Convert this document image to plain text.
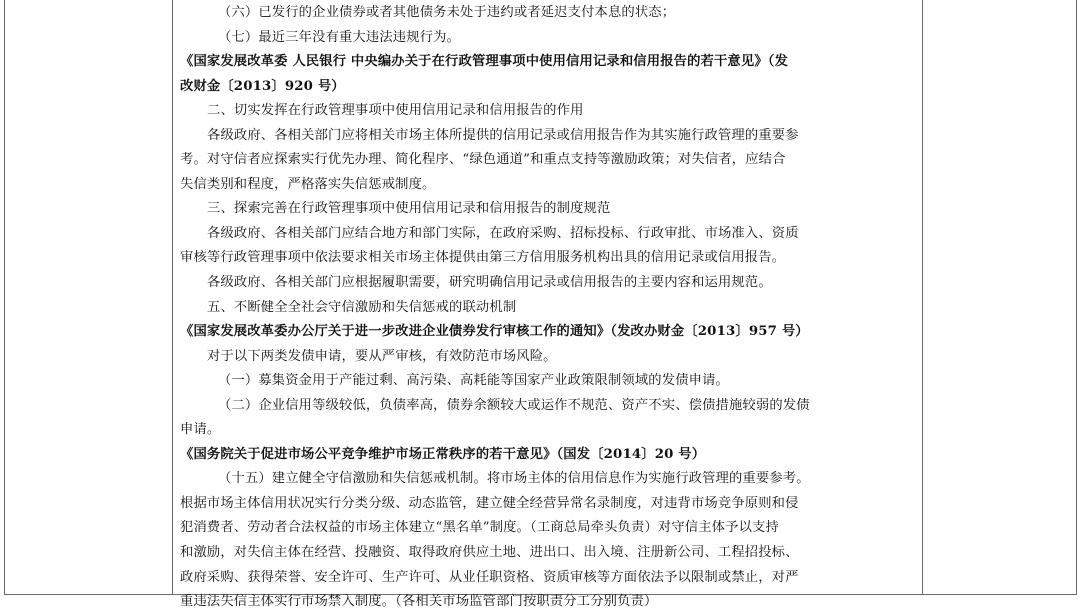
（六）已发行的企业债券或者其他债务未处于违约或者延迟支付本息的状态；
（七）最近三年没有重大违法违规行为。
《国家发展改革委 人民银行 中央编办关于在行政管理事项中使用信用记录和信用报告的若干意见》（发
改财金〔2013〕920 号）
二、切实发挥在行政管理事项中使用信用记录和信用报告的作用
各级政府、各相关部门应将相关市场主体所提供的信用记录或信用报告作为其实施行政管理的重要参
考。对守信者应探索实行优先办理、简化程序、“绿色通道”和重点支持等激励政策；对失信者，应结合
失信类别和程度，严格落实失信惩戒制度。
三、探索完善在行政管理事项中使用信用记录和信用报告的制度规范
各级政府、各相关部门应结合地方和部门实际，在政府采购、招标投标、行政审批、市场准入、资质
审核等行政管理事项中依法要求相关市场主体提供由第三方信用服务机构出具的信用记录或信用报告。
各级政府、各相关部门应根据履职需要，研究明确信用记录或信用报告的主要内容和运用规范。
五、不断健全全社会守信激励和失信惩戒的联动机制
《国家发展改革委办公厅关于进一步改进企业债券发行审核工作的通知》（发改办财金〔2013〕957 号）
对于以下两类发债申请，要从严审核，有效防范市场风险。
（一）募集资金用于产能过剩、高污染、高耗能等国家产业政策限制领域的发债申请。
（二）企业信用等级较低，负债率高，债券余额较大或运作不规范、资产不实、偿债措施较弱的发债
申请。
《国务院关于促进市场公平竞争维护市场正常秩序的若干意见》（国发〔2014〕20 号）
（十五）建立健全守信激励和失信惩戒机制。将市场主体的信用信息作为实施行政管理的重要参考。
根据市场主体信用状况实行分类分级、动态监管，建立健全经营异常名录制度，对违背市场竞争原则和侵
犯消费者、劳动者合法权益的市场主体建立“黑名单”制度。（工商总局牵头负责）对守信主体予以支持
和激励，对失信主体在经营、投融资、取得政府供应土地、进出口、出入境、注册新公司、工程招投标、
政府采购、获得荣誉、安全许可、生产许可、从业任职资格、资质审核等方面依法予以限制或禁止，对严
重违法失信主体实行市场禁入制度。（各相关市场监管部门按职责分工分别负责）
